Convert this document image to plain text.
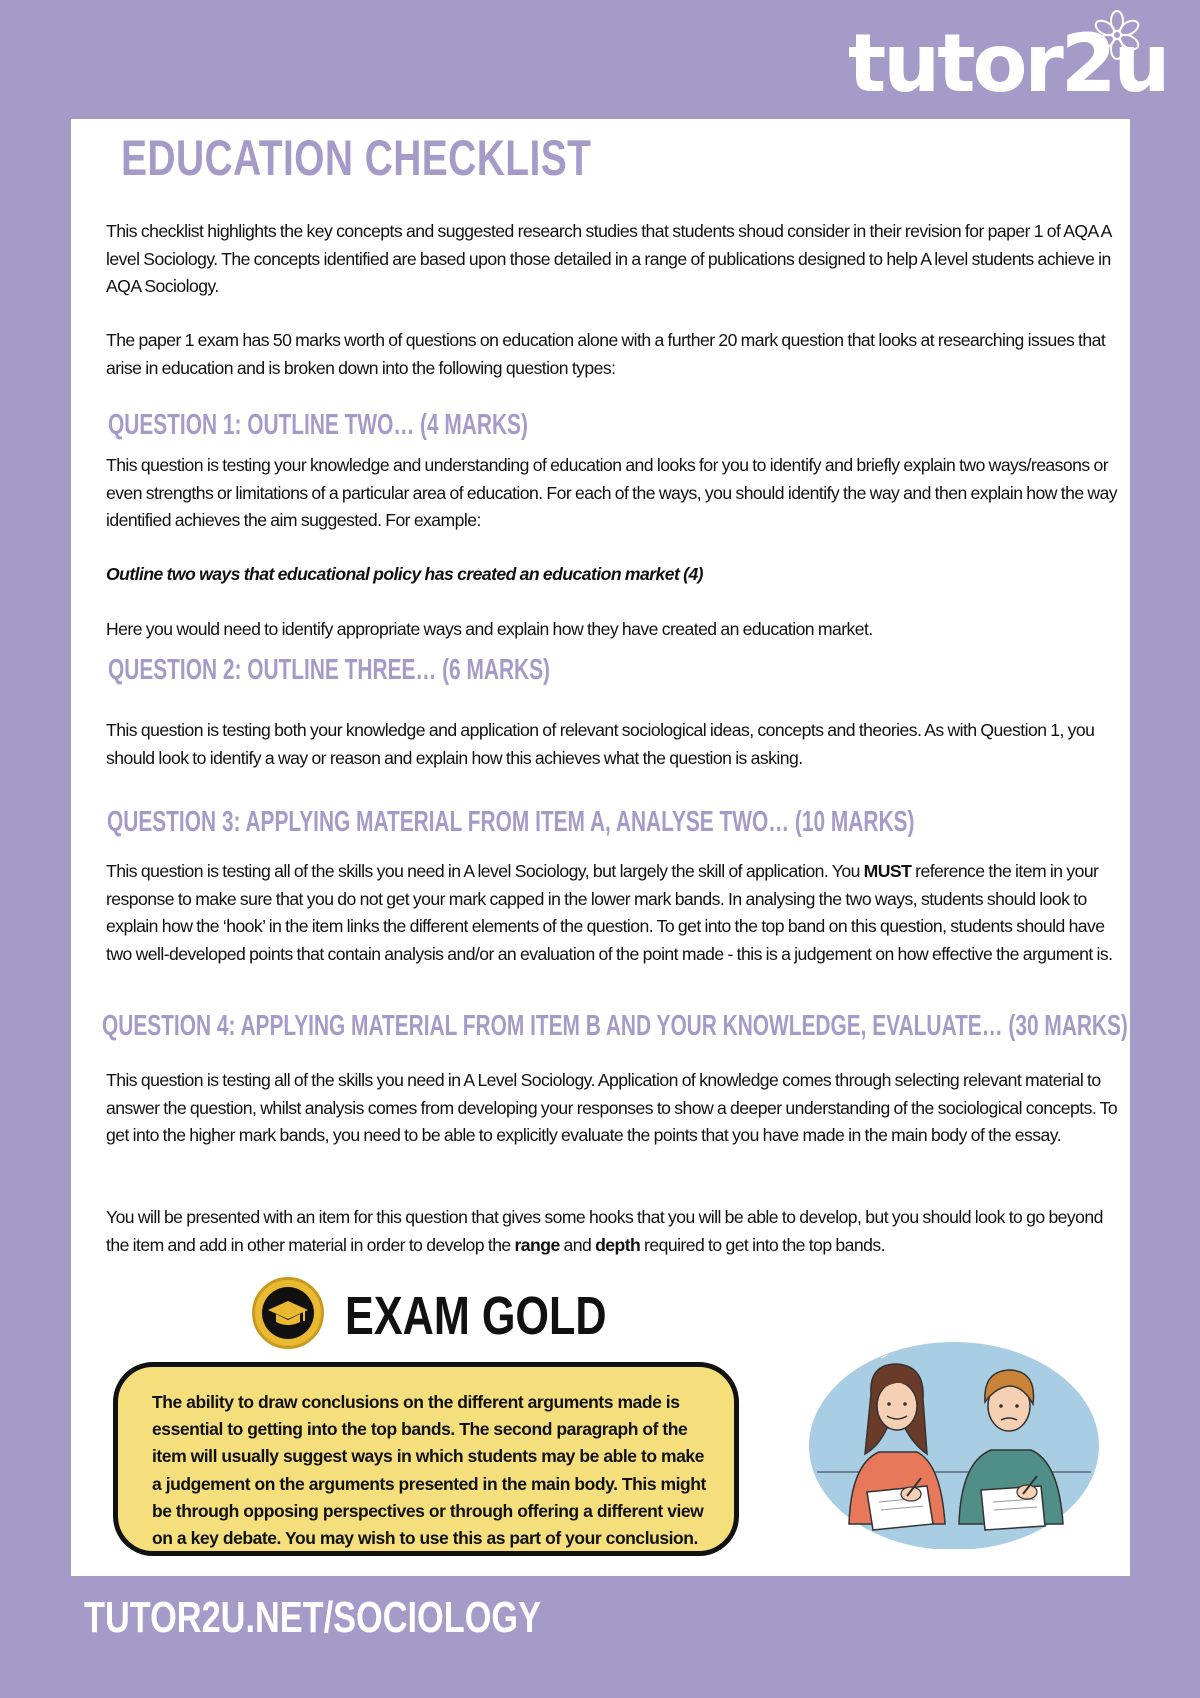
tutor2u
EDUCATION CHECKLIST

This checklist highlights the key concepts and suggested research studies that students shoud consider in their revision for paper 1 of AQA A level Sociology. The concepts identified are based upon those detailed in a range of publications designed to help A level students achieve in AQA Sociology.

The paper 1 exam has 50 marks worth of questions on education alone with a further 20 mark question that looks at researching issues that arise in education and is broken down into the following question types:

QUESTION 1: OUTLINE TWO… (4 MARKS)

This question is testing your knowledge and understanding of education and looks for you to identify and briefly explain two ways/reasons or even strengths or limitations of a particular area of education. For each of the ways, you should identify the way and then explain how the way identified achieves the aim suggested. For example:

Outline two ways that educational policy has created an education market (4)

Here you would need to identify appropriate ways and explain how they have created an education market.

QUESTION 2: OUTLINE THREE… (6 MARKS)

This question is testing both your knowledge and application of relevant sociological ideas, concepts and theories. As with Question 1, you should look to identify a way or reason and explain how this achieves what the question is asking.

QUESTION 3: APPLYING MATERIAL FROM ITEM A, ANALYSE TWO… (10 MARKS)

This question is testing all of the skills you need in A level Sociology, but largely the skill of application. You MUST reference the item in your response to make sure that you do not get your mark capped in the lower mark bands. In analysing the two ways, students should look to explain how the ‘hook’ in the item links the different elements of the question. To get into the top band on this question, students should have two well-developed points that contain analysis and/or an evaluation of the point made - this is a judgement on how effective the argument is.

QUESTION 4: APPLYING MATERIAL FROM ITEM B AND YOUR KNOWLEDGE, EVALUATE… (30 MARKS)

This question is testing all of the skills you need in A Level Sociology. Application of knowledge comes through selecting relevant material to answer the question, whilst analysis comes from developing your responses to show a deeper understanding of the sociological concepts. To get into the higher mark bands, you need to be able to explicitly evaluate the points that you have made in the main body of the essay.

You will be presented with an item for this question that gives some hooks that you will be able to develop, but you should look to go beyond the item and add in other material in order to develop the range and depth required to get into the top bands.

EXAM GOLD

The ability to draw conclusions on the different arguments made is essential to getting into the top bands. The second paragraph of the item will usually suggest ways in which students may be able to make a judgement on the arguments presented in the main body. This might be through opposing perspectives or through offering a different view on a key debate. You may wish to use this as part of your conclusion.

TUTOR2U.NET/SOCIOLOGY
